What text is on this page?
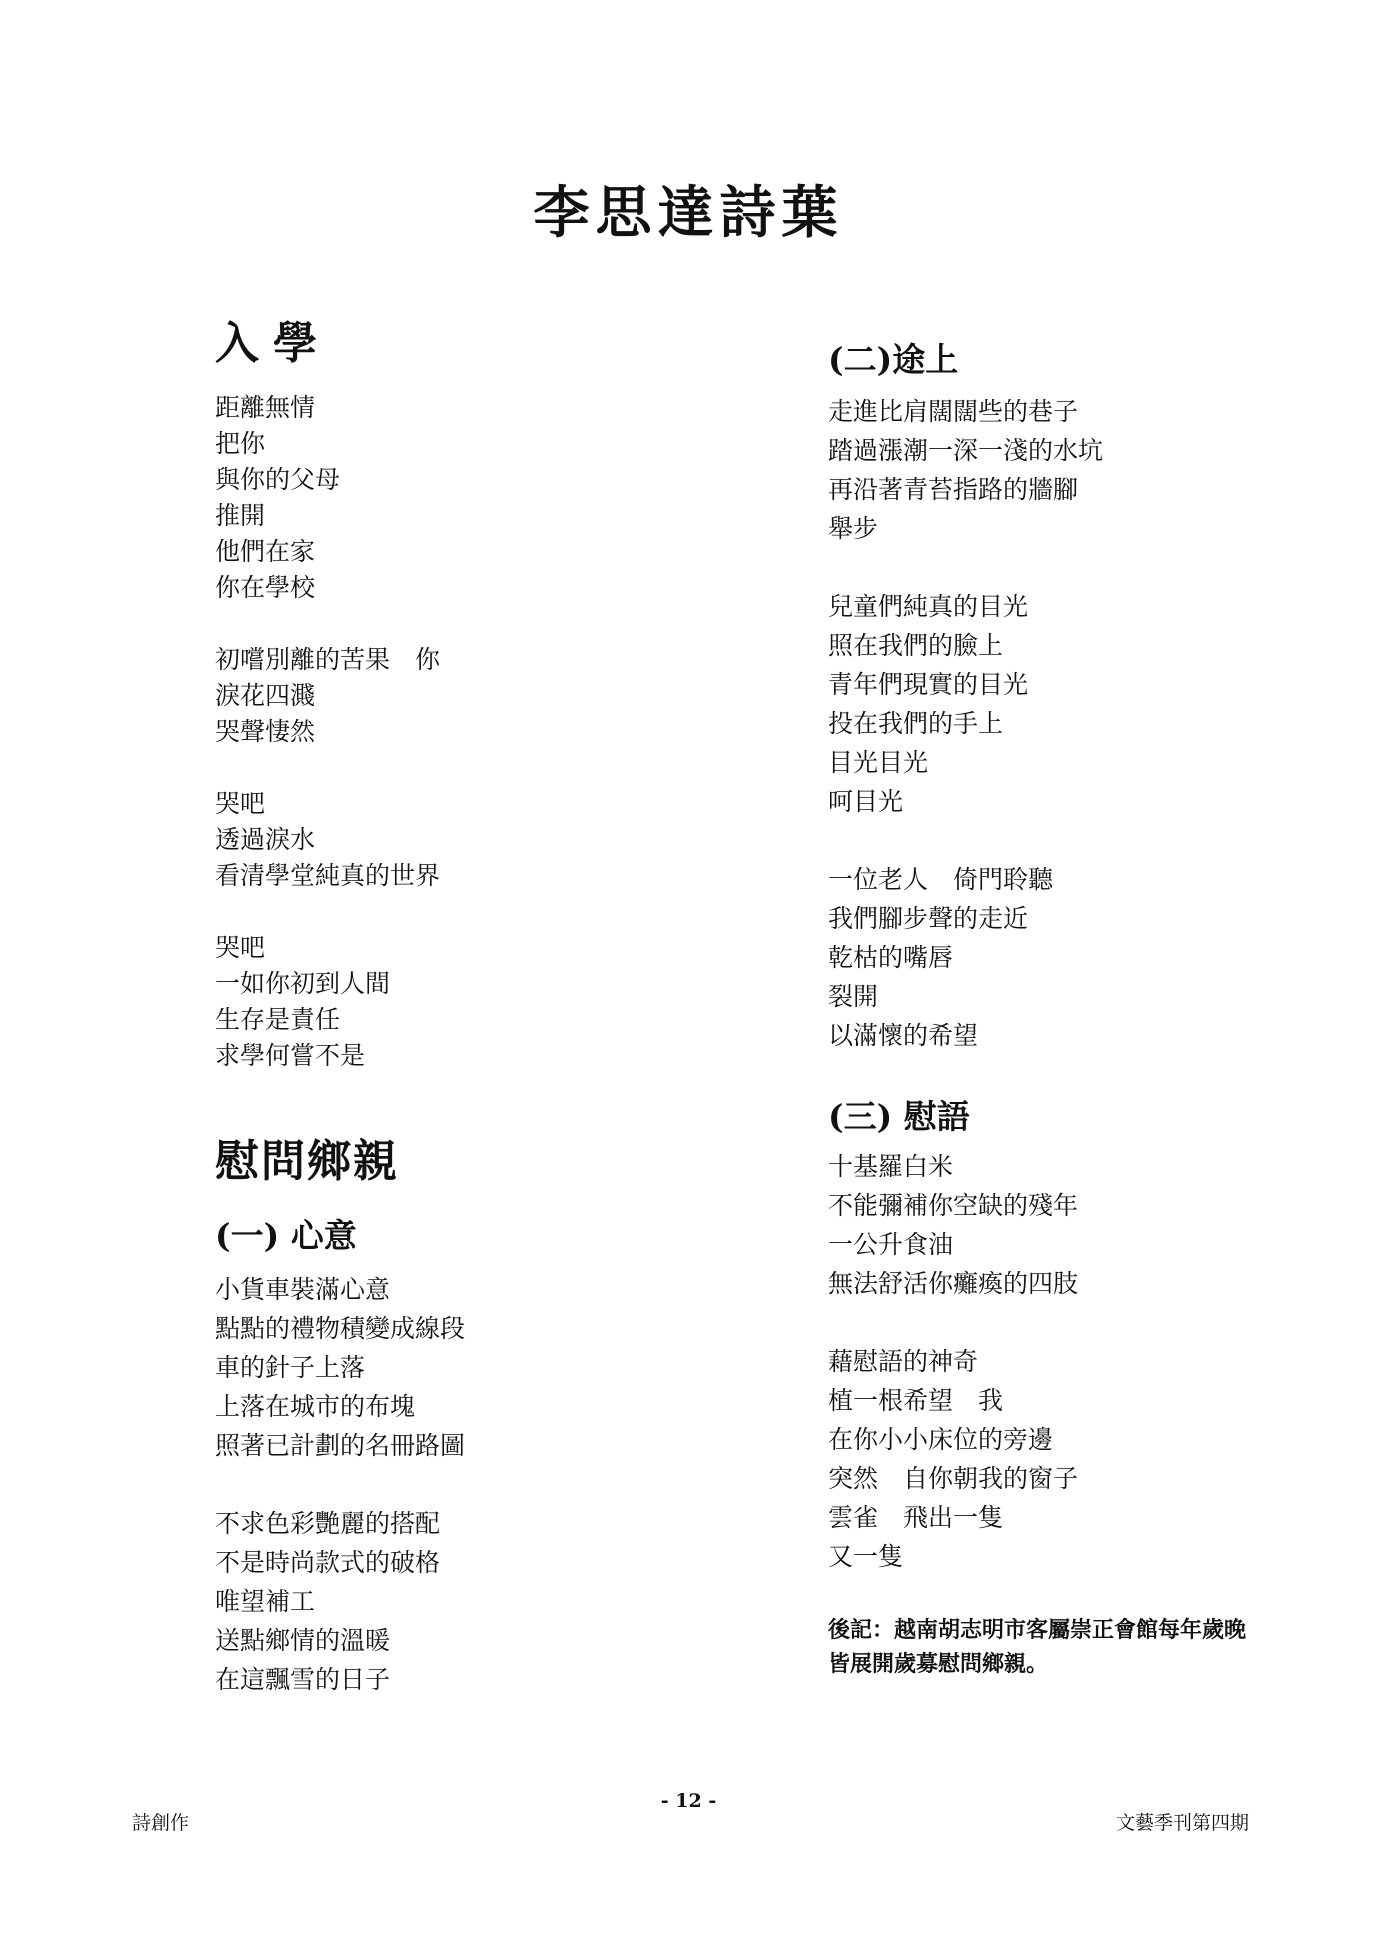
李思達詩葉
入學
距離無情
把你
與你的父母
推開
他們在家
你在學校
初嚐別離的苦果　你
淚花四濺
哭聲悽然
哭吧
透過淚水
看清學堂純真的世界
哭吧
一如你初到人間
生存是責任
求學何嘗不是
慰問鄉親
(一) 心意
小貨車裝滿心意
點點的禮物積變成線段
車的針子上落
上落在城市的布塊
照著已計劃的名冊路圖
不求色彩艷麗的搭配
不是時尚款式的破格
唯望補工
送點鄉情的溫暖
在這飄雪的日子
(二)途上
走進比肩闊闊些的巷子
踏過漲潮一深一淺的水坑
再沿著青苔指路的牆腳
舉步
兒童們純真的目光
照在我們的臉上
青年們現實的目光
投在我們的手上
目光目光
呵目光
一位老人　倚門聆聽
我們腳步聲的走近
乾枯的嘴唇
裂開
以滿懷的希望
(三) 慰語
十基羅白米
不能彌補你空缺的殘年
一公升食油
無法舒活你癱瘓的四肢
藉慰語的神奇
植一根希望　我
在你小小床位的旁邊
突然　自你朝我的窗子
雲雀　飛出一隻
又一隻
後記：越南胡志明市客屬崇正會館每年歲晚皆展開歲募慰問鄉親。
詩創作
- 12 -
文藝季刊第四期
